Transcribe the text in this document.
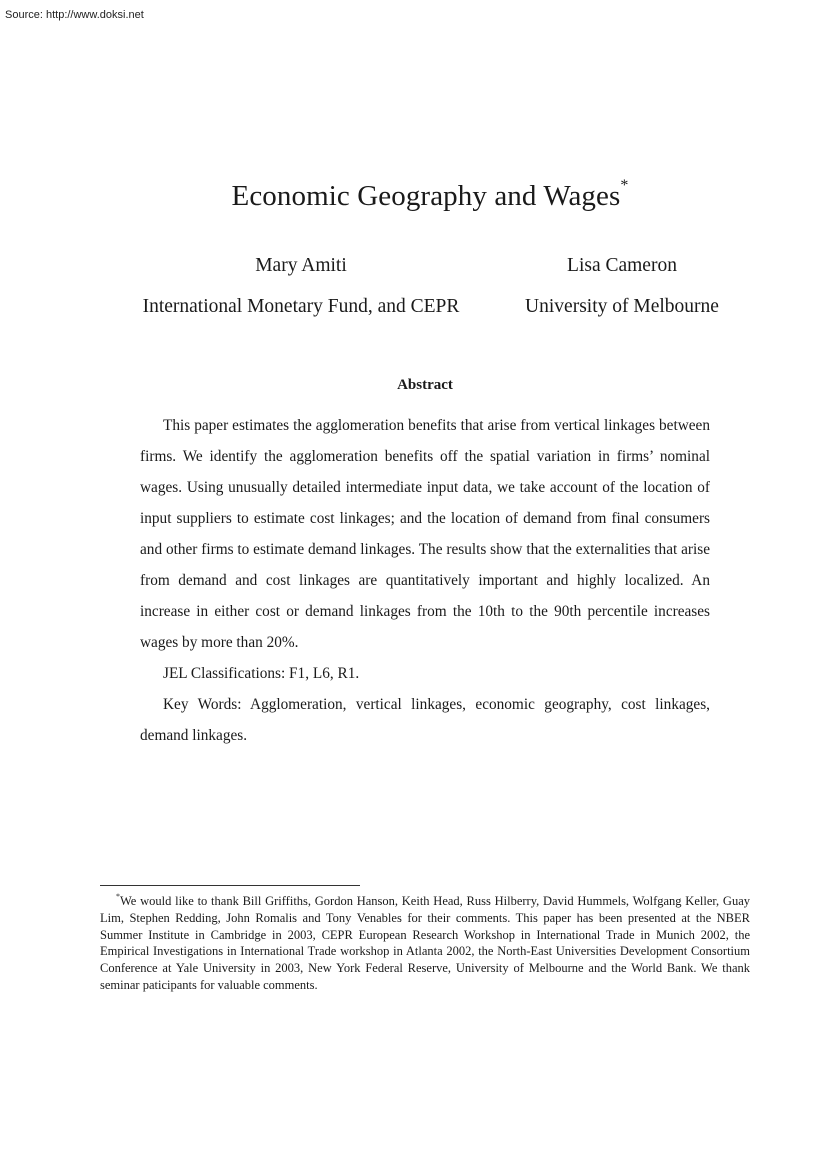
Source: http://www.doksi.net
Economic Geography and Wages*
Mary Amiti	Lisa Cameron
International Monetary Fund, and CEPR	University of Melbourne
Abstract

This paper estimates the agglomeration benefits that arise from vertical linkages between firms. We identify the agglomeration benefits off the spatial variation in firms’ nominal wages. Using unusually detailed intermediate input data, we take account of the location of input suppliers to estimate cost linkages; and the location of demand from final consumers and other firms to estimate demand linkages. The results show that the externalities that arise from demand and cost linkages are quantitatively important and highly localized. An increase in either cost or demand linkages from the 10th to the 90th percentile increases wages by more than 20%.

JEL Classifications: F1, L6, R1.

Key Words: Agglomeration, vertical linkages, economic geography, cost linkages, demand linkages.

*We would like to thank Bill Griffiths, Gordon Hanson, Keith Head, Russ Hilberry, David Hummels, Wolfgang Keller, Guay Lim, Stephen Redding, John Romalis and Tony Venables for their comments. This paper has been presented at the NBER Summer Institute in Cambridge in 2003, CEPR European Research Workshop in International Trade in Munich 2002, the Empirical Investigations in International Trade workshop in Atlanta 2002, the North-East Universities Development Consortium Conference at Yale University in 2003, New York Federal Reserve, University of Melbourne and the World Bank. We thank seminar paticipants for valuable comments.
